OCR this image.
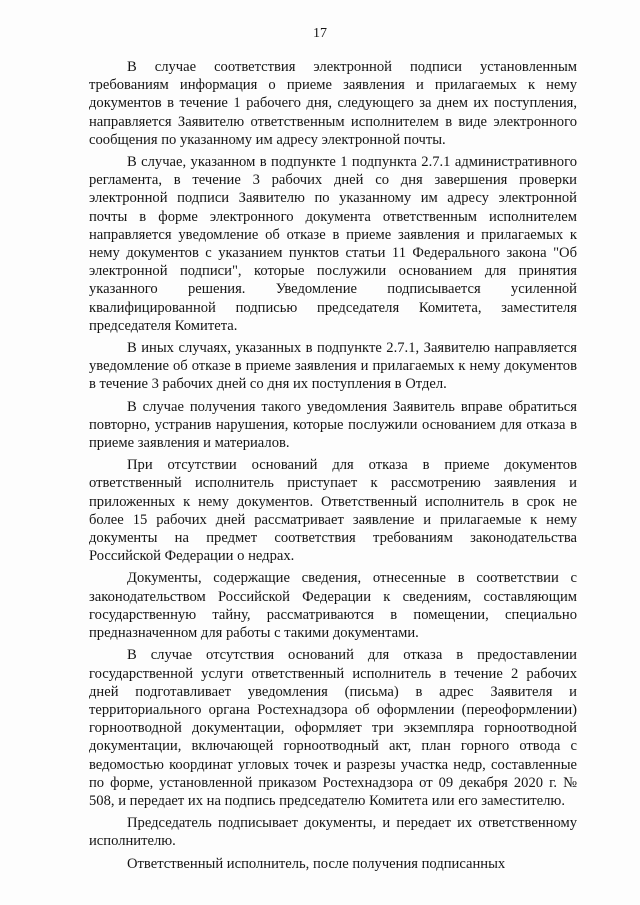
17

В случае соответствия электронной подписи установленным требованиям информация о приеме заявления и прилагаемых к нему документов в течение 1 рабочего дня, следующего за днем их поступления, направляется Заявителю ответственным исполнителем в виде электронного сообщения по указанному им адресу электронной почты.

В случае, указанном в подпункте 1 подпункта 2.7.1 административного регламента, в течение 3 рабочих дней со дня завершения проверки электронной подписи Заявителю по указанному им адресу электронной почты в форме электронного документа ответственным исполнителем направляется уведомление об отказе в приеме заявления и прилагаемых к нему документов с указанием пунктов статьи 11 Федерального закона "Об электронной подписи", которые послужили основанием для принятия указанного решения. Уведомление подписывается усиленной квалифицированной подписью председателя Комитета, заместителя председателя Комитета.

В иных случаях, указанных в подпункте 2.7.1, Заявителю направляется уведомление об отказе в приеме заявления и прилагаемых к нему документов в течение 3 рабочих дней со дня их поступления в Отдел.

В случае получения такого уведомления Заявитель вправе обратиться повторно, устранив нарушения, которые послужили основанием для отказа в приеме заявления и материалов.

При отсутствии оснований для отказа в приеме документов ответственный исполнитель приступает к рассмотрению заявления и приложенных к нему документов. Ответственный исполнитель в срок не более 15 рабочих дней рассматривает заявление и прилагаемые к нему документы на предмет соответствия требованиям законодательства Российской Федерации о недрах.

Документы, содержащие сведения, отнесенные в соответствии с законодательством Российской Федерации к сведениям, составляющим государственную тайну, рассматриваются в помещении, специально предназначенном для работы с такими документами.

В случае отсутствия оснований для отказа в предоставлении государственной услуги ответственный исполнитель в течение 2 рабочих дней подготавливает уведомления (письма) в адрес Заявителя и территориального органа Ростехнадзора об оформлении (переоформлении) горноотводной документации, оформляет три экземпляра горноотводной документации, включающей горноотводный акт, план горного отвода с ведомостью координат угловых точек и разрезы участка недр, составленные по форме, установленной приказом Ростехнадзора от 09 декабря 2020 г. № 508, и передает их на подпись председателю Комитета или его заместителю.

Председатель подписывает документы, и передает их ответственному исполнителю.

Ответственный исполнитель, после получения подписанных
